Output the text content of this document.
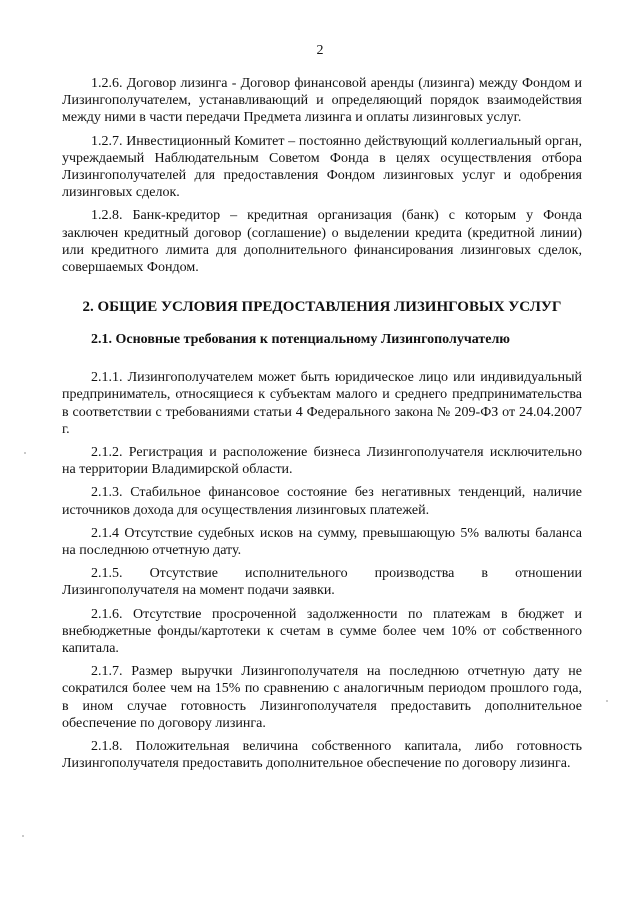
2

1.2.6. Договор лизинга - Договор финансовой аренды (лизинга) между Фондом и Лизингополучателем, устанавливающий и определяющий порядок взаимодействия между ними в части передачи Предмета лизинга и оплаты лизинговых услуг.

1.2.7. Инвестиционный Комитет – постоянно действующий коллегиальный орган, учреждаемый Наблюдательным Советом Фонда в целях осуществления отбора Лизингополучателей для предоставления Фондом лизинговых услуг и одобрения лизинговых сделок.

1.2.8. Банк-кредитор – кредитная организация (банк) с которым у Фонда заключен кредитный договор (соглашение) о выделении кредита (кредитной линии) или кредитного лимита для дополнительного финансирования лизинговых сделок, совершаемых Фондом.

2. ОБЩИЕ УСЛОВИЯ ПРЕДОСТАВЛЕНИЯ ЛИЗИНГОВЫХ УСЛУГ
2.1. Основные требования к потенциальному Лизингополучателю

2.1.1. Лизингополучателем может быть юридическое лицо или индивидуальный предприниматель, относящиеся к субъектам малого и среднего предпринимательства в соответствии с требованиями статьи 4 Федерального закона № 209-ФЗ от 24.04.2007 г.

2.1.2. Регистрация и расположение бизнеса Лизингополучателя исключительно на территории Владимирской области.

2.1.3. Стабильное финансовое состояние без негативных тенденций, наличие источников дохода для осуществления лизинговых платежей.

2.1.4 Отсутствие судебных исков на сумму, превышающую 5% валюты баланса на последнюю отчетную дату.

2.1.5. Отсутствие исполнительного производства в отношении Лизингополучателя на момент подачи заявки.

2.1.6. Отсутствие просроченной задолженности по платежам в бюджет и внебюджетные фонды/картотеки к счетам в сумме более чем 10% от собственного капитала.

2.1.7. Размер выручки Лизингополучателя на последнюю отчетную дату не сократился более чем на 15% по сравнению с аналогичным периодом прошлого года, в ином случае готовность Лизингополучателя предоставить дополнительное обеспечение по договору лизинга.

2.1.8. Положительная величина собственного капитала, либо готовность Лизингополучателя предоставить дополнительное обеспечение по договору лизинга.
